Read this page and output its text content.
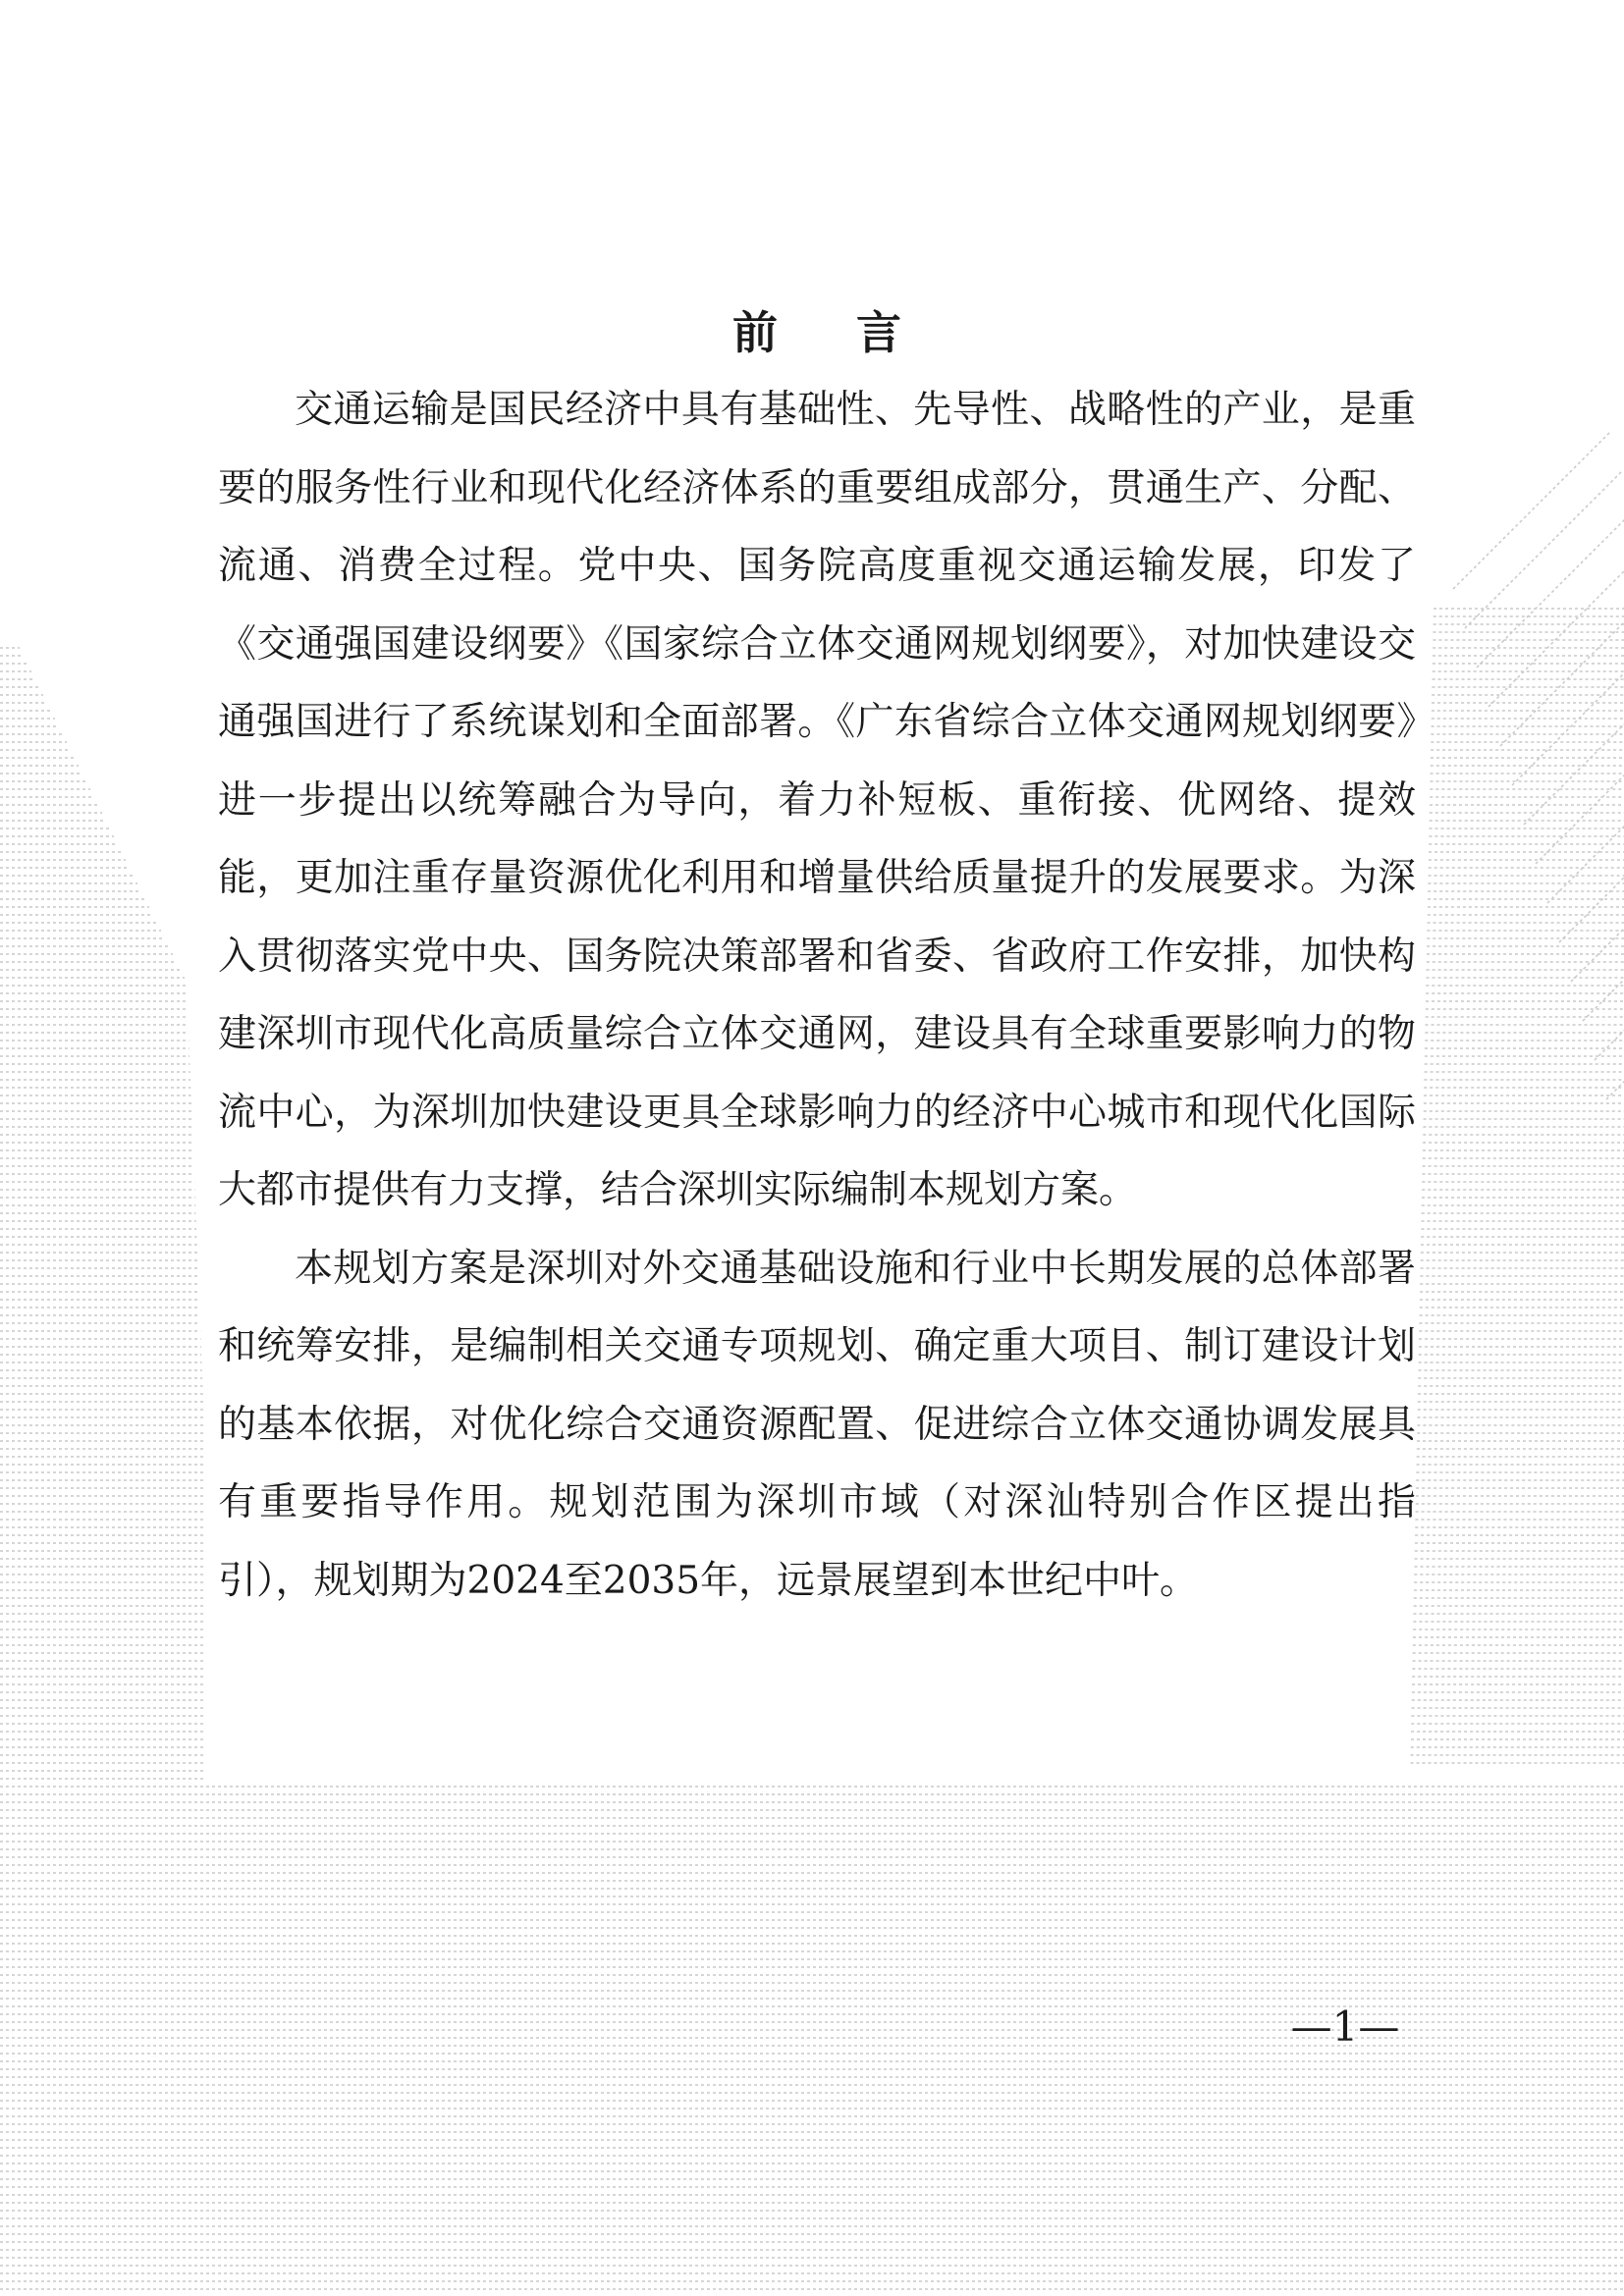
前 言

交通运输是国民经济中具有基础性、先导性、战略性的产业，是重要的服务性行业和现代化经济体系的重要组成部分，贯通生产、分配、流通、消费全过程。党中央、国务院高度重视交通运输发展，印发了《交通强国建设纲要》《国家综合立体交通网规划纲要》，对加快建设交通强国进行了系统谋划和全面部署。《广东省综合立体交通网规划纲要》进一步提出以统筹融合为导向，着力补短板、重衔接、优网络、提效能，更加注重存量资源优化利用和增量供给质量提升的发展要求。为深入贯彻落实党中央、国务院决策部署和省委、省政府工作安排，加快构建深圳市现代化高质量综合立体交通网，建设具有全球重要影响力的物流中心，为深圳加快建设更具全球影响力的经济中心城市和现代化国际大都市提供有力支撑，结合深圳实际编制本规划方案。

本规划方案是深圳对外交通基础设施和行业中长期发展的总体部署和统筹安排，是编制相关交通专项规划、确定重大项目、制订建设计划的基本依据，对优化综合交通资源配置、促进综合立体交通协调发展具有重要指导作用。规划范围为深圳市域（对深汕特别合作区提出指引），规划期为2024至2035年，远景展望到本世纪中叶。

—1—
